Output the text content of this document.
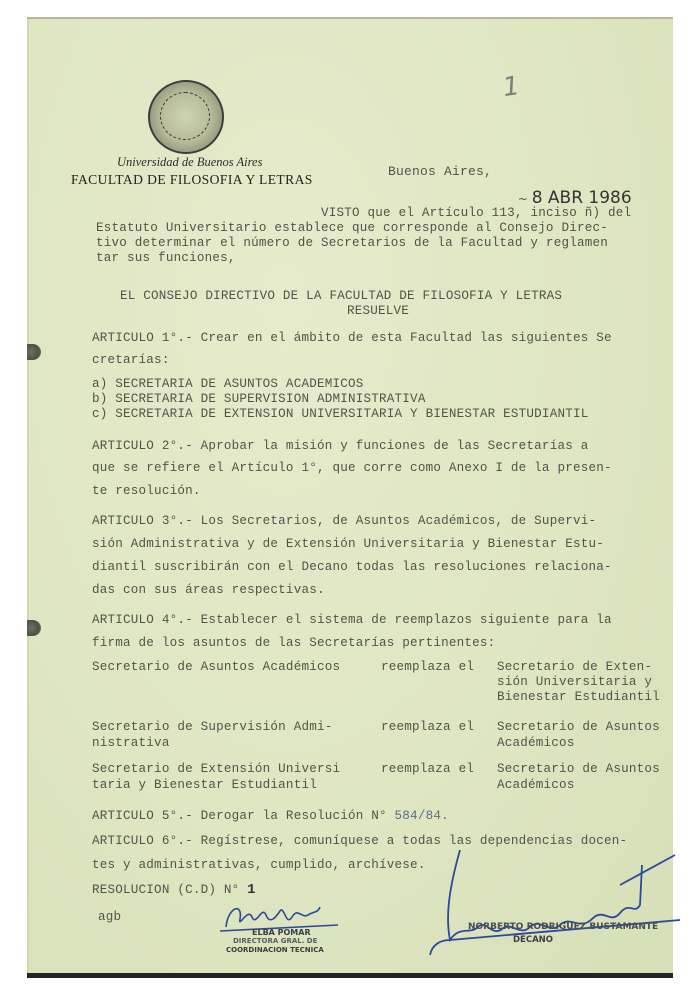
Universidad de Buenos Aires
FACULTAD DE FILOSOFIA Y LETRAS
1
Buenos Aires,

~ 8 ABR 1986

VISTO que el Artículo 113, inciso ñ) del
Estatuto Universitario establece que corresponde al Consejo Direc-
tivo determinar el número de Secretarios de la Facultad y reglamen
tar sus funciones,
EL CONSEJO DIRECTIVO DE LA FACULTAD DE FILOSOFIA Y LETRAS
RESUELVE
ARTICULO 1°.- Crear en el ámbito de esta Facultad las siguientes Se
cretarías:
a) SECRETARIA DE ASUNTOS ACADEMICOS
b) SECRETARIA DE SUPERVISION ADMINISTRATIVA
c) SECRETARIA DE EXTENSION UNIVERSITARIA Y BIENESTAR ESTUDIANTIL
ARTICULO 2°.- Aprobar la misión y funciones de las Secretarías a
que se refiere el Artículo 1°, que corre como Anexo I de la presen-
te resolución.
ARTICULO 3°.- Los Secretarios, de Asuntos Académicos, de Supervi-
sión Administrativa y de Extensión Universitaria y Bienestar Estu-
diantil suscribirán con el Decano todas las resoluciones relaciona-
das con sus áreas respectivas.
ARTICULO 4°.- Establecer el sistema de reemplazos siguiente para la
firma de los asuntos de las Secretarías pertinentes:
Secretario de Asuntos Académicos	reemplaza el Secretario de Exten-
sión Universitaria y
Bienestar Estudiantil
Secretario de Supervisión Admi-
nistrativa
reemplaza el Secretario de Asuntos
Académicos
Secretario de Extensión Universi
taria y Bienestar Estudiantil
reemplaza el Secretario de Asuntos
Académicos
ARTICULO 5°.- Derogar la Resolución N° 584/84.
ARTICULO 6°.- Regístrese, comuníquese a todas las dependencias docen-
tes y administrativas, cumplido, archívese.
RESOLUCION (C.D) N° 1
agb
ELBA POMAR
DIRECTORA GRAL. DE
COORDINACION TECNICA
NORBERTO RODRIGUEZ BUSTAMANTE
DECANO
